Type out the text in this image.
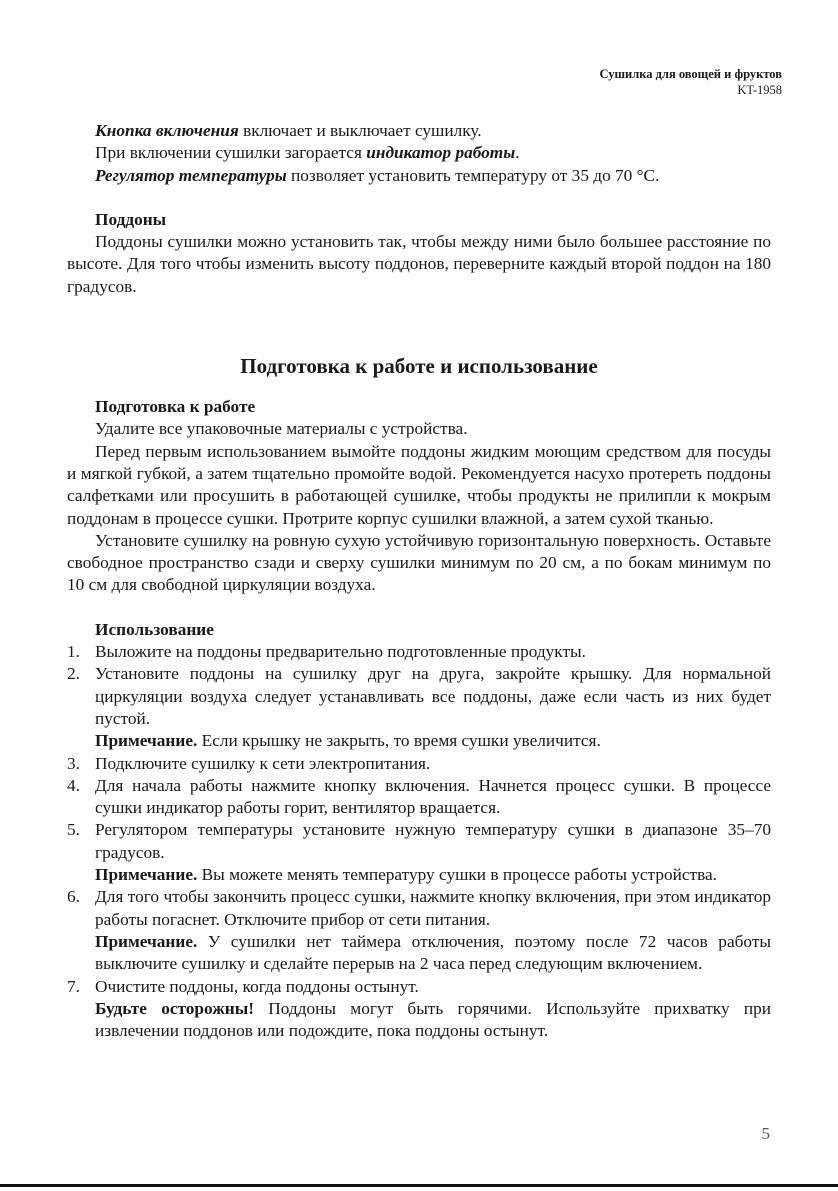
Сушилка для овощей и фруктов
KT-1958

Кнопка включения включает и выключает сушилку.

При включении сушилки загорается индикатор работы.

Регулятор температуры позволяет установить температуру от 35 до 70 °C.

Поддоны

Поддоны сушилки можно установить так, чтобы между ними было большее расстояние по высоте. Для того чтобы изменить высоту поддонов, переверните каждый второй поддон на 180 градусов.

Подготовка к работе и использование

Подготовка к работе

Удалите все упаковочные материалы с устройства.

Перед первым использованием вымойте поддоны жидким моющим средством для посуды и мягкой губкой, а затем тщательно промойте водой. Рекомендуется насухо протереть поддоны салфетками или просушить в работающей сушилке, чтобы продукты не прилипли к мокрым поддонам в процессе сушки. Протрите корпус сушилки влажной, а затем сухой тканью.

Установите сушилку на ровную сухую устойчивую горизонтальную поверхность. Оставьте свободное пространство сзади и сверху сушилки минимум по 20 см, а по бокам минимум по 10 см для свободной циркуляции воздуха.

Использование

1. Выложите на поддоны предварительно подготовленные продукты.
2. Установите поддоны на сушилку друг на друга, закройте крышку. Для нормальной циркуляции воздуха следует устанавливать все поддоны, даже если часть из них будет пустой.
Примечание. Если крышку не закрыть, то время сушки увеличится.
3. Подключите сушилку к сети электропитания.
4. Для начала работы нажмите кнопку включения. Начнется процесс сушки. В процессе сушки индикатор работы горит, вентилятор вращается.
5. Регулятором температуры установите нужную температуру сушки в диапазоне 35–70 градусов.
Примечание. Вы можете менять температуру сушки в процессе работы устройства.
6. Для того чтобы закончить процесс сушки, нажмите кнопку включения, при этом индикатор работы погаснет. Отключите прибор от сети питания.
Примечание. У сушилки нет таймера отключения, поэтому после 72 часов работы выключите сушилку и сделайте перерыв на 2 часа перед следующим включением.
7. Очистите поддоны, когда поддоны остынут.
Будьте осторожны! Поддоны могут быть горячими. Используйте прихватку при извлечении поддонов или подождите, пока поддоны остынут.
5
